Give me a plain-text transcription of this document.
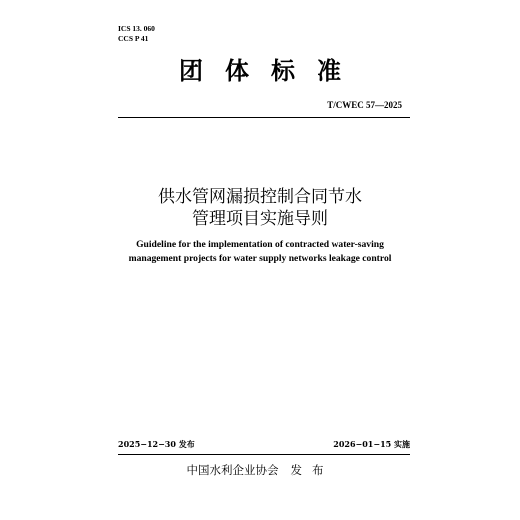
ICS 13. 060
CCS P 41
团体标准
T/CWEC 57—2025
供水管网漏损控制合同节水
管理项目实施导则
Guideline for the implementation of contracted water-saving
management projects for water supply networks leakage control
2025−12−30 发布	2026−01−15 实施
中国水利企业协会 发布
